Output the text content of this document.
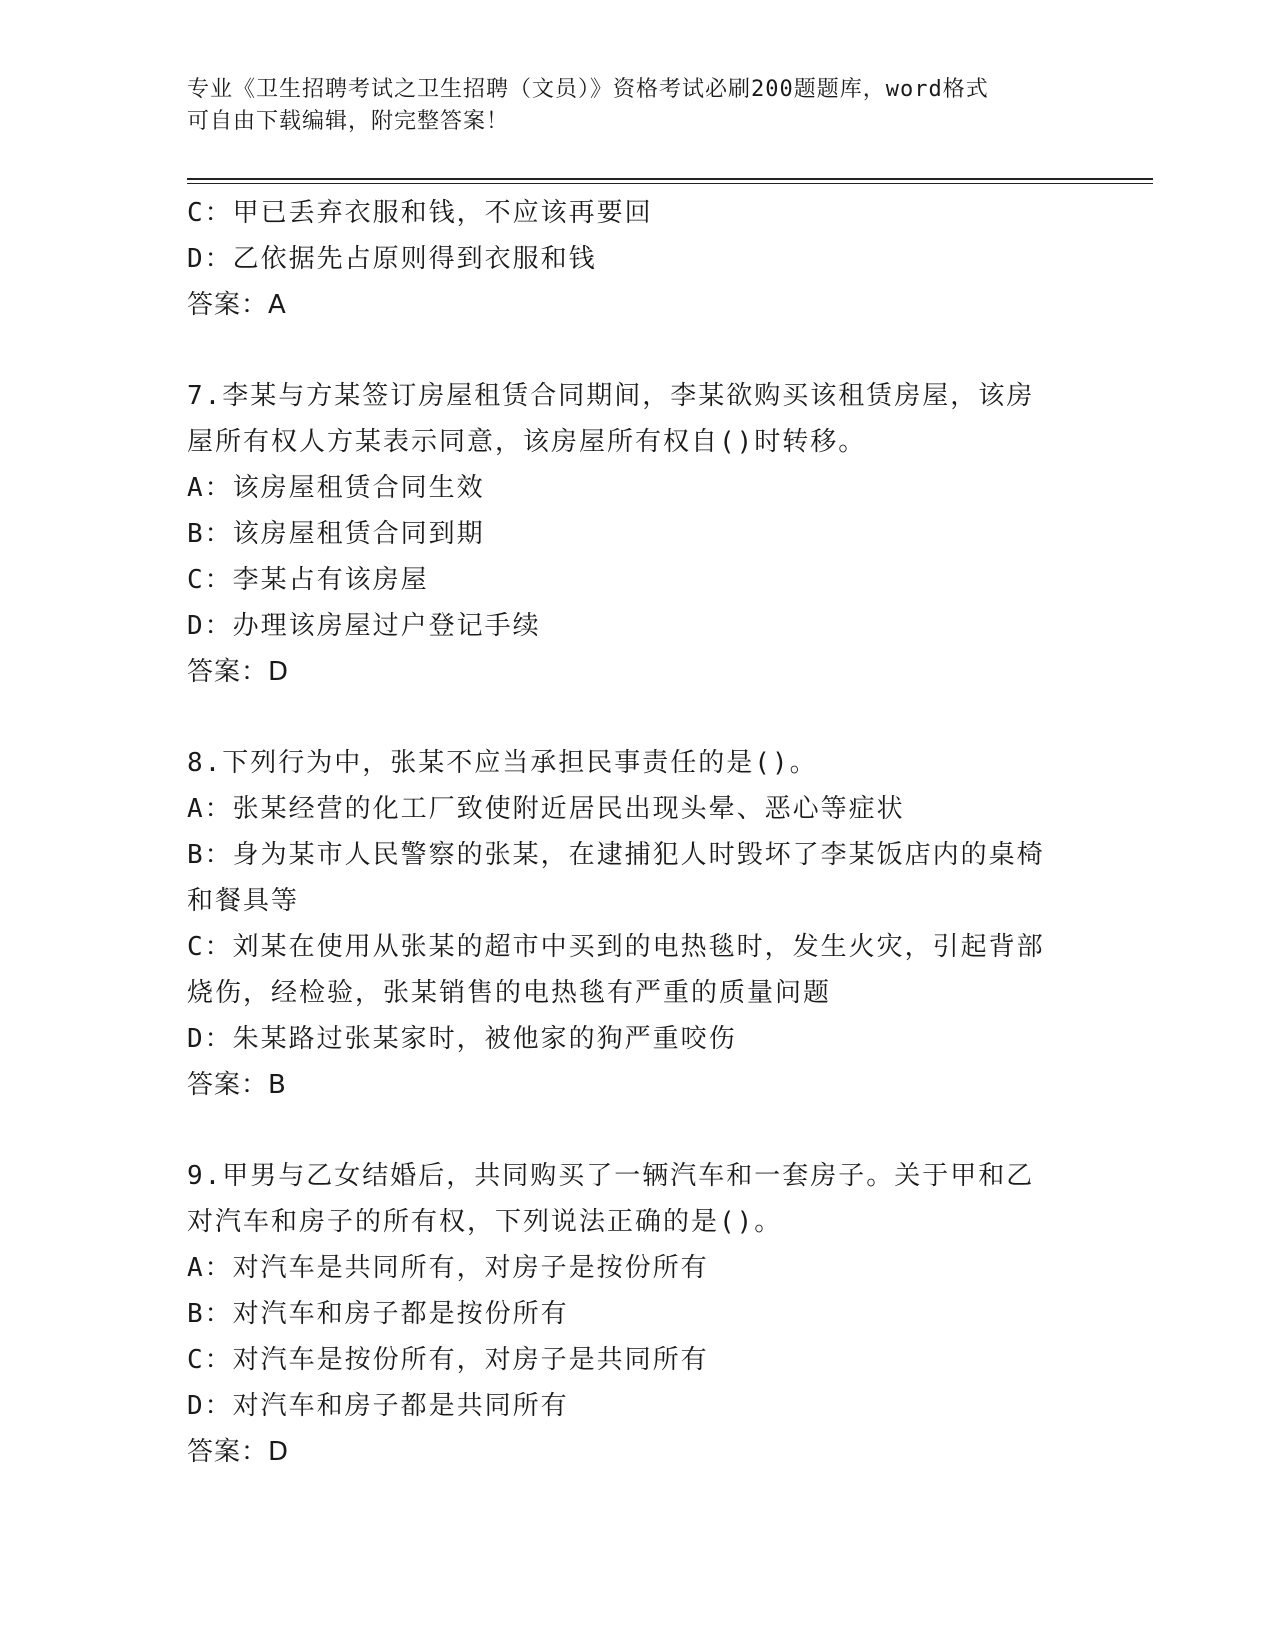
专业《卫生招聘考试之卫生招聘（文员）》资格考试必刷200题题库，word格式
可自由下载编辑，附完整答案！
C：甲已丢弃衣服和钱，不应该再要回
D：乙依据先占原则得到衣服和钱
答案：A
7.李某与方某签订房屋租赁合同期间，李某欲购买该租赁房屋，该房
屋所有权人方某表示同意，该房屋所有权自()时转移。
A：该房屋租赁合同生效
B：该房屋租赁合同到期
C：李某占有该房屋
D：办理该房屋过户登记手续
答案：D
8.下列行为中，张某不应当承担民事责任的是()。
A：张某经营的化工厂致使附近居民出现头晕、恶心等症状
B：身为某市人民警察的张某，在逮捕犯人时毁坏了李某饭店内的桌椅
和餐具等
C：刘某在使用从张某的超市中买到的电热毯时，发生火灾，引起背部
烧伤，经检验，张某销售的电热毯有严重的质量问题
D：朱某路过张某家时，被他家的狗严重咬伤
答案：B
9.甲男与乙女结婚后，共同购买了一辆汽车和一套房子。关于甲和乙
对汽车和房子的所有权，下列说法正确的是()。
A：对汽车是共同所有，对房子是按份所有
B：对汽车和房子都是按份所有
C：对汽车是按份所有，对房子是共同所有
D：对汽车和房子都是共同所有
答案：D
